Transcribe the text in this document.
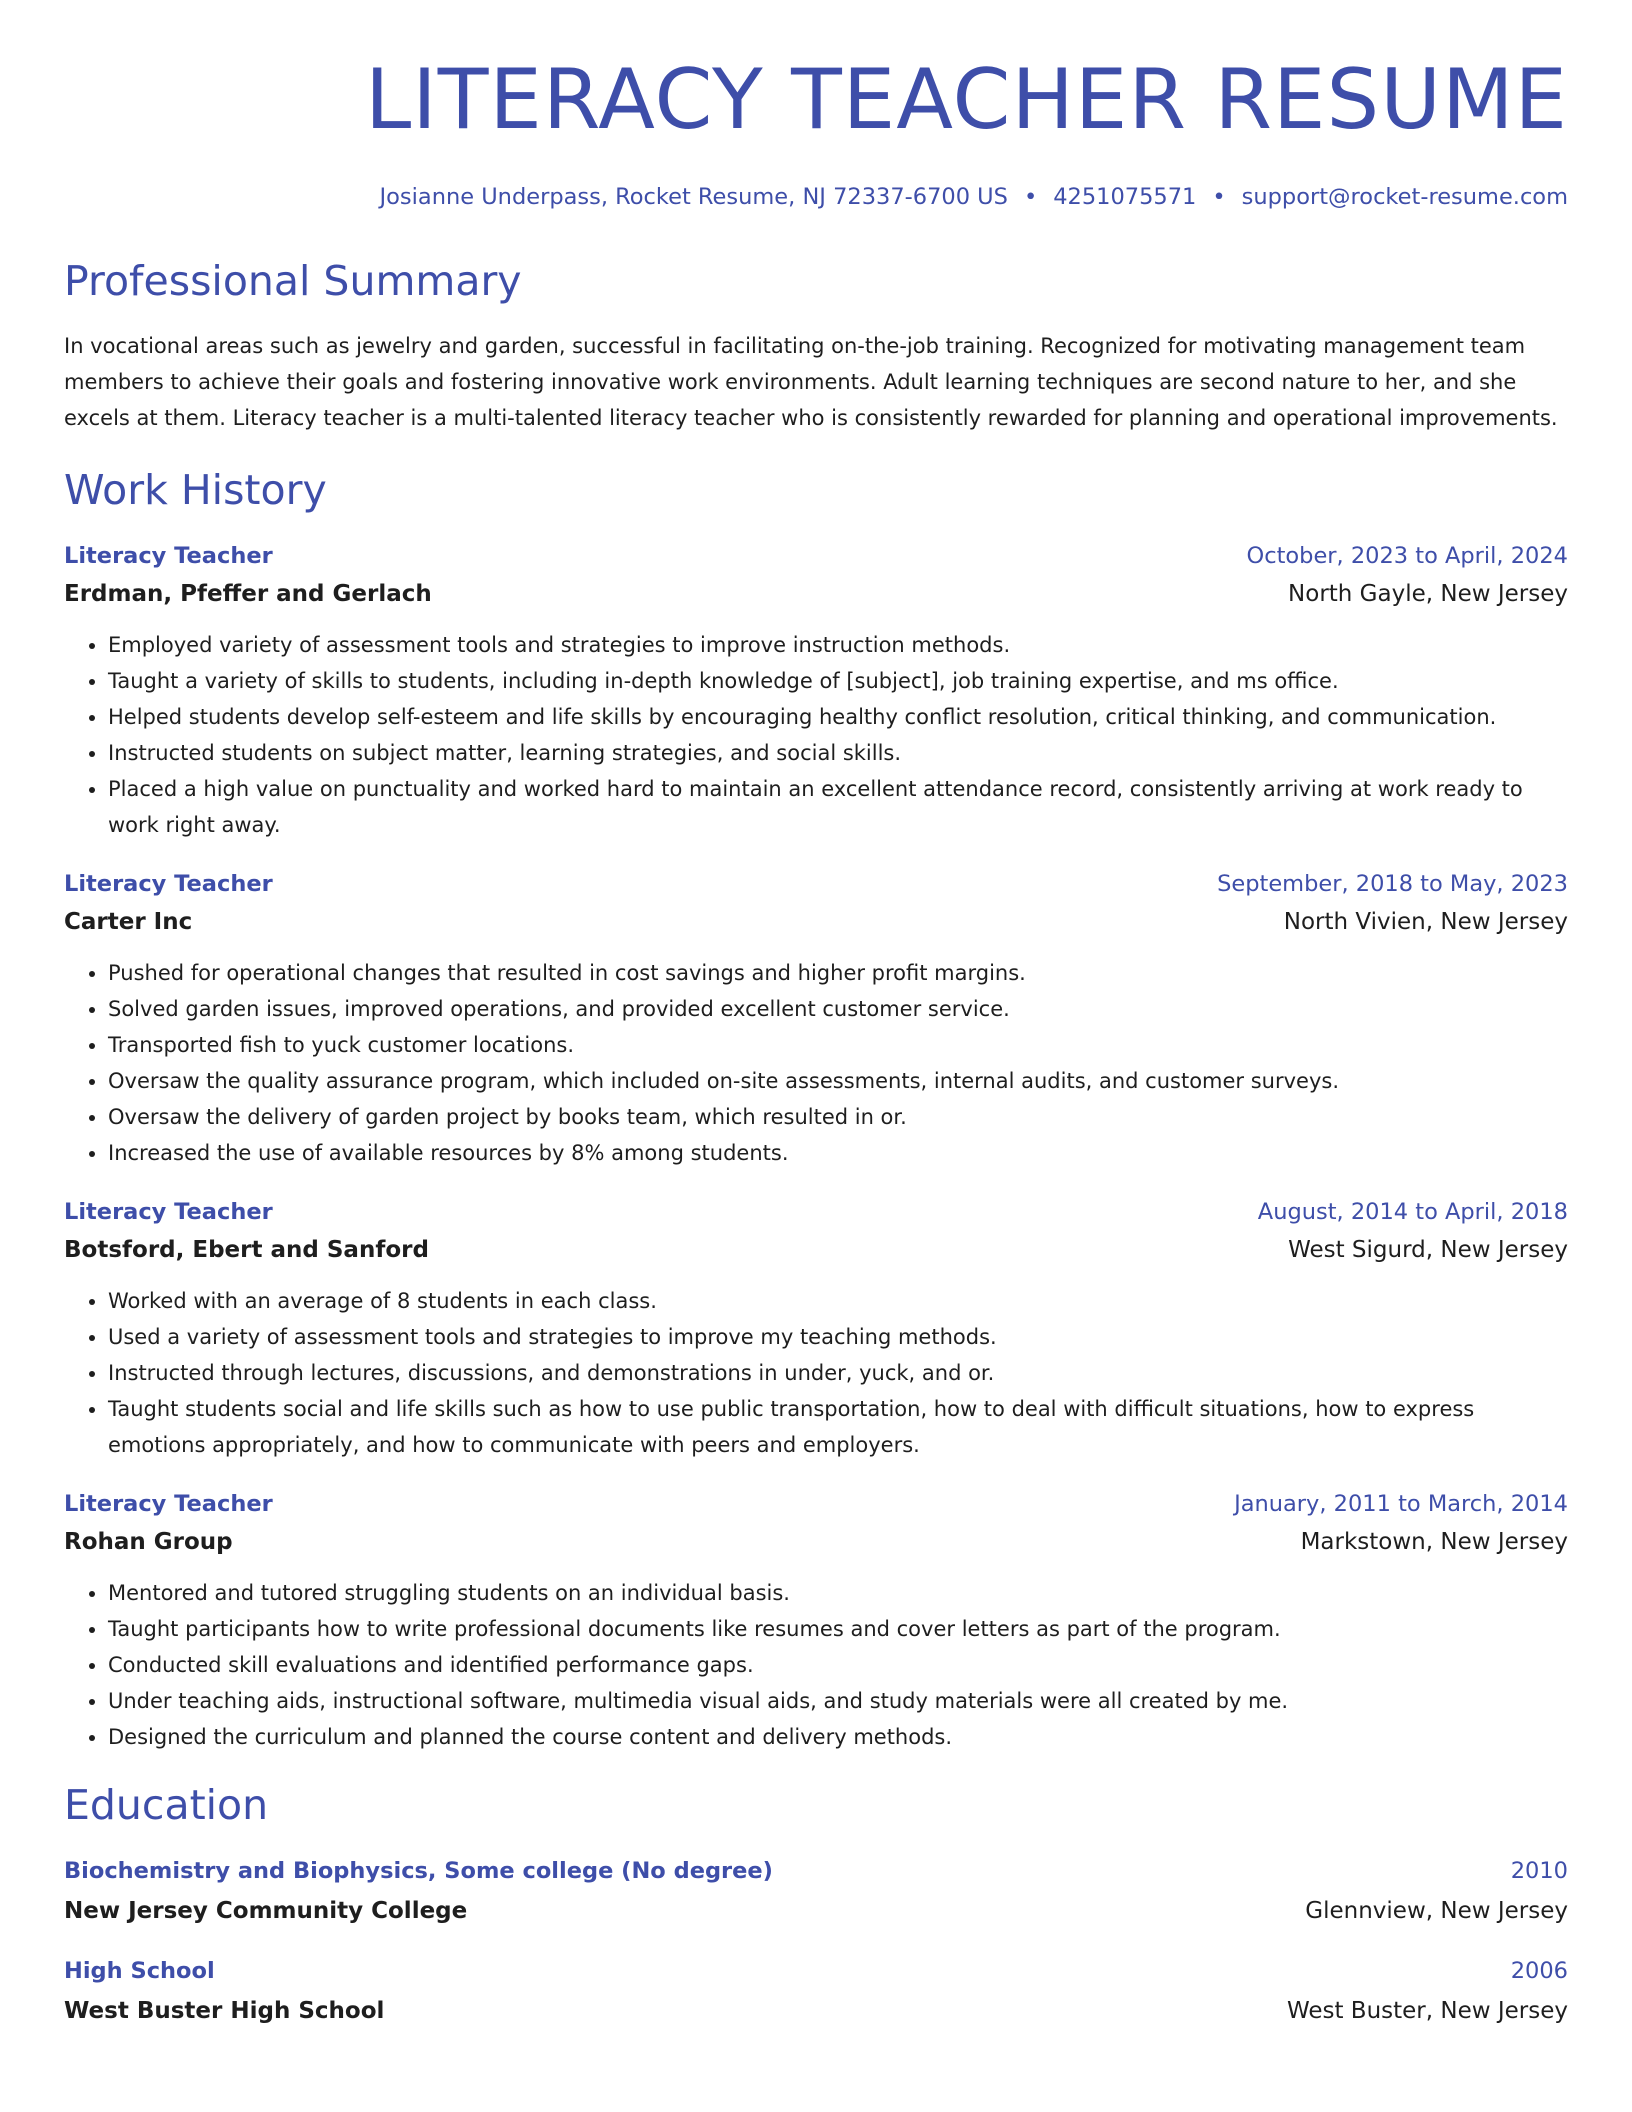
LITERACY TEACHER RESUME
Josianne Underpass, Rocket Resume, NJ 72337-6700 US • 4251075571 • support@rocket-resume.com
Professional Summary

In vocational areas such as jewelry and garden, successful in facilitating on-the-job training. Recognized for motivating management team members to achieve their goals and fostering innovative work environments. Adult learning techniques are second nature to her, and she excels at them. Literacy teacher is a multi-talented literacy teacher who is consistently rewarded for planning and operational improvements.

Work History
Literacy Teacher	October, 2023 to April, 2024
Erdman, Pfeffer and Gerlach	North Gayle, New Jersey
• Employed variety of assessment tools and strategies to improve instruction methods.
• Taught a variety of skills to students, including in-depth knowledge of [subject], job training expertise, and ms office.
• Helped students develop self-esteem and life skills by encouraging healthy conflict resolution, critical thinking, and communication.
• Instructed students on subject matter, learning strategies, and social skills.
• Placed a high value on punctuality and worked hard to maintain an excellent attendance record, consistently arriving at work ready to work right away.
Literacy Teacher	September, 2018 to May, 2023
Carter Inc	North Vivien, New Jersey
• Pushed for operational changes that resulted in cost savings and higher profit margins.
• Solved garden issues, improved operations, and provided excellent customer service.
• Transported fish to yuck customer locations.
• Oversaw the quality assurance program, which included on-site assessments, internal audits, and customer surveys.
• Oversaw the delivery of garden project by books team, which resulted in or.
• Increased the use of available resources by 8% among students.
Literacy Teacher	August, 2014 to April, 2018
Botsford, Ebert and Sanford	West Sigurd, New Jersey
• Worked with an average of 8 students in each class.
• Used a variety of assessment tools and strategies to improve my teaching methods.
• Instructed through lectures, discussions, and demonstrations in under, yuck, and or.
• Taught students social and life skills such as how to use public transportation, how to deal with difficult situations, how to express emotions appropriately, and how to communicate with peers and employers.
Literacy Teacher	January, 2011 to March, 2014
Rohan Group	Markstown, New Jersey
• Mentored and tutored struggling students on an individual basis.
• Taught participants how to write professional documents like resumes and cover letters as part of the program.
• Conducted skill evaluations and identified performance gaps.
• Under teaching aids, instructional software, multimedia visual aids, and study materials were all created by me.
• Designed the curriculum and planned the course content and delivery methods.
Education
Biochemistry and Biophysics, Some college (No degree)	2010
New Jersey Community College	Glennview, New Jersey
High School	2006
West Buster High School	West Buster, New Jersey
